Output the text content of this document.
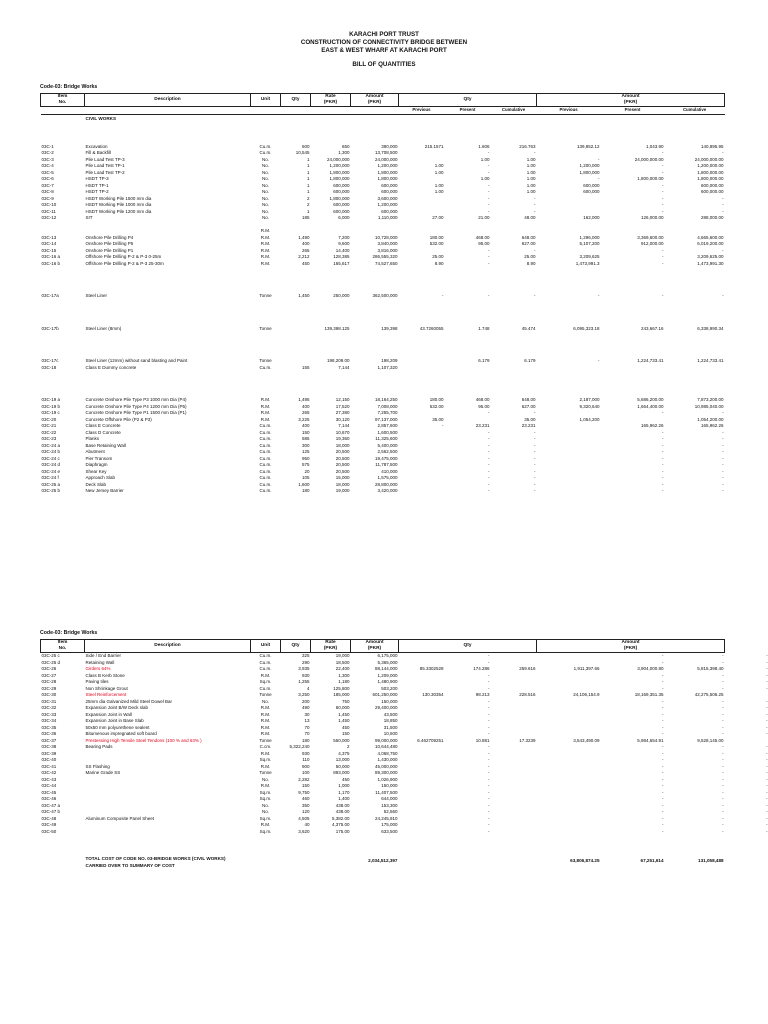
KARACHI PORT TRUST
CONSTRUCTION OF CONNECTIVITY BRIDGE BETWEEN
EAST & WEST WHARF AT KARACHI PORT
BILL OF QUANTITIES
Code-03: Bridge Works
Item
No.	Description	Unit	Qty	Rate
(PKR)	Amount
(PKR)	Qty			Amount
(PKR)			
						Previous	Present	Cumulative	Previous	Present	Cumulative	
	CIVIL WORKS											

03C-1	Excavation	Cu.m.	600	650	390,000	215.1571	1.606	216.763	139,852.12	1,043.90	140,895.95	
03C-2	Fill & Backfill	Cu.m.	10,545	1,300	13,708,500		-	-		-	-	
03C-3	Pile Load Test TP-3	No.	1	24,000,000	24,000,000		1.00	1.00	-	24,000,000.00	24,000,000.00	
03C-4	Pile Load Test TP-1	No.	1	1,200,000	1,200,000	1.00	-	1.00	1,200,000	-	1,200,000.00	
03C-5	Pile Load Test TP-2	No.	1	1,800,000	1,800,000	1.00	-	1.00	1,800,000	-	1,800,000.00	
03C-6	HSDT TP-3	No.	1	1,800,000	1,800,000		1.00	1.00	-	1,800,000.00	1,800,000.00	
03C-7	HSDT TP-1	No.	1	600,000	600,000	1.00	-	1.00	600,000	-	600,000.00	
03C-8	HSDT TP-2	No.	1	600,000	600,000	1.00	-	1.00	600,000	-	600,000.00	
03C-9	HSDT Working Pile 1500 mm dia	No.	2	1,800,000	3,600,000		-	-		-	-	
03C-10	HSDT Working Pile 1000 mm dia	No.	2	600,000	1,200,000		-	-		-	-	
03C-11	HSDT Working Pile 1200 mm dia	No.	1	600,000	600,000		-	-		-	-	
03C-12	SIT	No.	185	6,000	1,110,000	27.00	21.00	48.00	162,000	126,000.00	288,000.00	

		R.M.										
03C-13	Onshore Pile Drilling P4	R.M.	1,490	7,200	10,728,000	180.00	468.00	648.00	1,296,000	3,369,600.00	4,665,600.00	
03C-14	Onshore Pile Drilling P5	R.M.	400	9,600	3,840,000	532.00	95.00	627.00	5,107,200	912,000.00	6,019,200.00	
03C-15	Onshore Pile Drilling P1	R.M.	265	14,400	3,816,000		-	-		-	-	
03C-16 a	Offshore Pile Drilling P-2 & P-3 0-25m	R.M.	2,212	128,385	286,555,320	25.00	-	25.00	3,209,625	-	3,209,625.00	
03C-16 b	Offshore Pile Drilling P-2 & P-3 25-30m	R.M.	450	165,617	74,527,650	8.90	-	8.90	1,473,991.3	-	1,473,991.30	

03C-17a	Steel Liner	Tonne	1,450	250,000	362,500,000	-	-	-	-	-	-	

03C-17b	Steel Liner (8mm)	Tonne		139,398.125	139,398	43.7260055	1.748	45.474	6,095,323.18	243,667.16	6,338,990.34	

03C-17c	Steel Liner (12mm) without sand blasting and Paint	Tonne		198,209.00	198,209		6.179	6.179	-	1,224,733.41	1,224,733.41	
03C-18	Class E Dummy concrete	Cu.m.	155	7,144	1,107,320							

03C-19 a	Concrete Onshore Pile Type P3 1000 mm Dia (P4)	R.M.	1,495	12,150	18,164,250	180.00	468.00	648.00	2,187,000	5,686,200.00	7,873,200.00	
03C-19 b	Concrete Onshore Pile Type P4 1200 mm Dia (P5)	R.M.	400	17,520	7,008,000	532.00	95.00	627.00	9,320,640	1,664,400.00	10,985,040.00	
03C-19 c	Concrete Onshore Pile Type P1 1500 mm Dia (P1)	R.M.	265	27,380	7,255,700		-	-		-	-	
03C-20	Concrete Offshore Pile (P2 & P3)	R.M.	3,225	30,120	97,137,000	35.00		35.00	1,054,200		1,054,200.00	
03C-21	Class E Concrete	Cu.m.	400	7,144	2,857,600	-	23.231	23.231		165,962.26	165,962.26	
03C-22	Class D Concrete	Cu.m.	150	10,670	1,600,500		-	-		-	-	
03C-23	Planks	Cu.m.	585	19,360	11,325,600		-	-		-	-	
03C-24 a	Base Retaining Wall	Cu.m.	300	18,000	5,400,000		-	-		-	-	
03C-24 b	Abutment	Cu.m.	125	20,500	2,562,500		-	-		-	-	
03C-24 c	Pier Transom	Cu.m.	950	20,500	19,475,000		-	-		-	-	
03C-24 d	Diaphragm	Cu.m.	575	20,500	11,787,500		-	-		-	-	
03C-24 e	Shear Key	Cu.m.	20	20,500	410,000		-	-		-	-	
03C-24 f	Approach Slab	Cu.m.	105	15,000	1,575,000		-	-		-	-	
03C-25 a	Deck Slab	Cu.m.	1,600	18,000	28,800,000		-	-		-	-	
03C-25 b	New Jersey Barrier	Cu.m.	180	19,000	3,420,000		-	-		-	-	
Code-03: Bridge Works
Item
No.	Description	Unit	Qty	Rate
(PKR)	Amount
(PKR)	Qty			Amount
(PKR)			
03C-25 c	Side / End Barrier	Cu.m.	325	19,000	6,175,000		-			-	-	-
03C-25 d	Retaining Wall	Cu.m.	290	18,500	5,365,000		-			-	-	-
03C-26	Girders 64%	Cu.m.	3,935	22,400	88,144,000	85.3302528	174.286	259.616	1,911,397.66	3,904,000.80	5,815,398.40	-
03C-27	Class B Kerb Stone	R.M.	930	1,300	1,209,000		-			-	-	-
03C-28	Paving tiles	Sq.m.	1,255	1,180	1,480,900		-			-	-	-
03C-29	Non Shrinkage Grout	Cu.m.	4	125,800	503,200		-			-	-	-
03C-30	Steel Reinforcement	Tonne	3,250	185,000	601,250,000	130.30354	98.213	228.516	24,106,154.9	18,169,351.35	42,275,506.25	
03C-31	25mm dia Galvanized Mild Steel Dowel Bar	No.	200	750	150,000		-			-	-	-
03C-32	Expansion Joint B/W Deck slab	R.M.	490	60,000	29,400,000		-			-	-	-
03C-33	Expansion Joint in Wall	R.M.	30	1,450	43,500		-			-	-	-
03C-34	Expansion Joint in Base Slab	R.M.	13	1,450	18,850		-			-	-	-
03C-35	50x50 mm polyurethene sealent	R.M.	70	450	31,500		-			-	-	-
03C-36	Bitumenous impregnated soft board	R.M.	70	150	10,500		-			-	-	-
03C-37	Prestessing High Tensile Steel Tendons (100 % and 63% )	Tonne	180	550,000	99,000,000	6.462709251	10.881	17.3239	3,543,490.09	5,984,654.91	9,528,145.00	
03C-38	Bearing Pads	C.cm.	5,322,240	2	10,644,480		-			-	-	-
03C-39		R.M.	930	4,375	4,068,750		-			-	-	-
03C-40		Sq.m.	110	13,000	1,430,000		-			-	-	-
03C-41	SS Flashing	R.M.	900	50,000	45,000,000		-			-	-	-
03C-42	Marine Grade SS	Tonne	100	893,000	89,300,000		-			-	-	-
03C-43		No.	2,282	450	1,026,900		-			-	-	-
03C-44		R.M.	150	1,000	150,000		-			-	-	-
03C-45		Sq.m.	9,750	1,170	11,407,500		-			-	-	-
03C-46		Sq.m.	460	1,400	644,000		-			-	-	-
03C-47 a		No.	350	438.00	153,300		-			-	-	-
03C-47 b		No.	120	438.00	52,560		-			-	-	-
03C-48	Aluminum Composite Panel Sheet	Sq.m.	4,505	5,382.00	24,245,910		-			-	-	-
03C-49		R.M.	40	4,375.00	175,000		-			-	-	-
03C-50		Sq.m.	3,620	175.00	633,500		-			-	-	-

	TOTAL COST OF CODE NO. 03-BRIDGE WORKS (CIVIL WORKS)
CARRIED OVER TO SUMMARY OF COST				2,034,512,397				63,806,874.25	67,251,614	131,058,488	
